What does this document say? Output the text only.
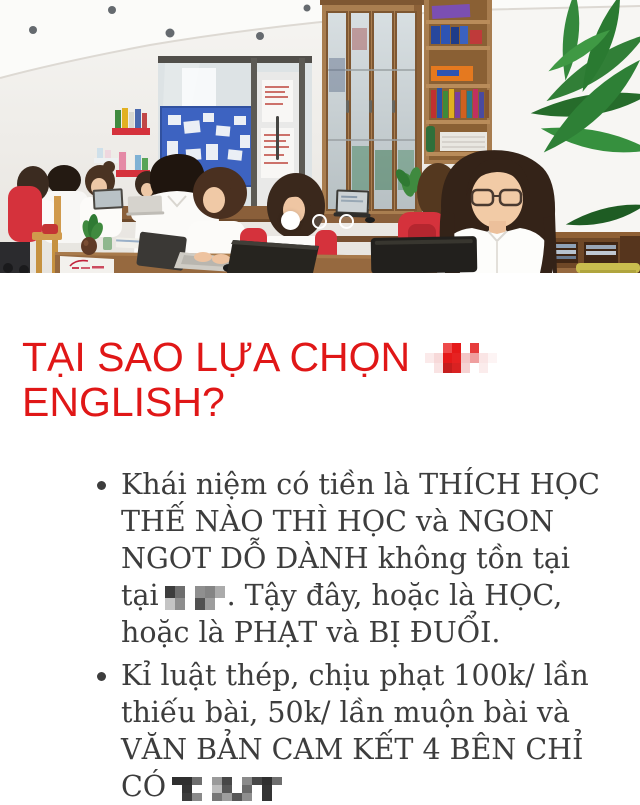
TẠI SAO LỰA CHỌN
ENGLISH?
• Khái niệm có tiền là THÍCH HỌC THẾ NÀO THÌ HỌC và NGON NGOT DỖ DÀNH không tồn tại tại . Tậy đây, hoặc là HỌC, hoặc là PHẠT và BỊ ĐUỔI.
• Kỉ luật thép, chịu phạt 100k/ lần thiếu bài, 50k/ lần muộn bài và VĂN BẢN CAM KẾT 4 BÊN CHỈ CÓ
